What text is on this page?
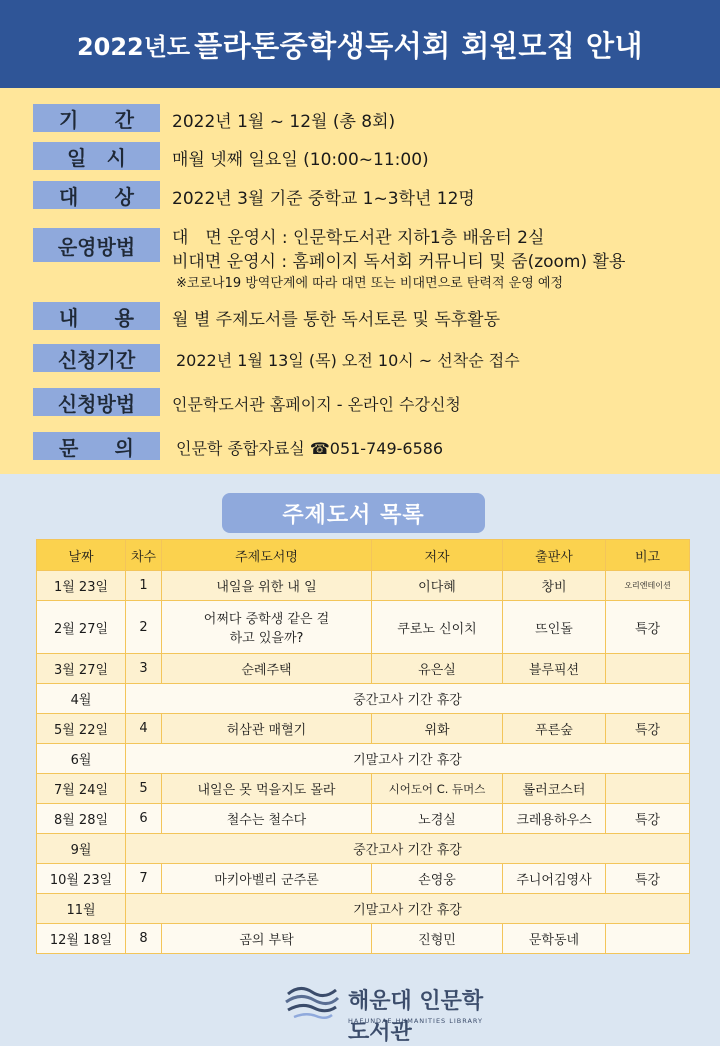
2022년도 플라톤중학생독서회 회원모집 안내
기 간 2022년 1월 ~ 12월 (총 8회)
일 시	매월 넷째 일요일 (10:00~11:00)
대 상 2022년 3월 기준 중학교 1~3학년 12명
운영방법	대　면 운영시 : 인문학도서관 지하1층 배움터 2실
비대면 운영시 : 홈페이지 독서회 커뮤니티 및 줌(zoom) 활용
※코로나19 방역단계에 따라 대면 또는 비대면으로 탄력적 운영 예정
내 용 월 별 주제도서를 통한 독서토론 및 독후활동
신청기간	2022년 1월 13일 (목) 오전 10시 ~ 선착순 접수
신청방법	인문학도서관 홈페이지 - 온라인 수강신청
문 의	인문학 종합자료실 ☎051-749-6586
주제도서 목록
날짜	차수	주제도서명	저자	출판사	비고
1월 23일	1	내일을 위한 내 일	이다혜	창비	오리엔테이션
2월 27일	2	어쩌다 중학생 같은 걸
하고 있을까?	쿠로노 신이치	뜨인돌	특강
3월 27일	3	순례주택	유은실	블루픽션	
4월	중간고사 기간 휴강				
5월 22일	4	허삼관 매혈기	위화	푸른숲	특강
6월	기말고사 기간 휴강				
7월 24일	5	내일은 못 먹을지도 몰라	시어도어 C. 듀머스	롤러코스터	
8월 28일	6	철수는 철수다	노경실	크레용하우스	특강
9월	중간고사 기간 휴강				
10월 23일	7	마키아벨리 군주론	손영웅	주니어김영사	특강
11월	기말고사 기간 휴강				
12월 18일	8	곰의 부탁	진형민	문학동네	
해운대 인문학도서관
HAEUNDAE HUMANITIES LIBRARY
